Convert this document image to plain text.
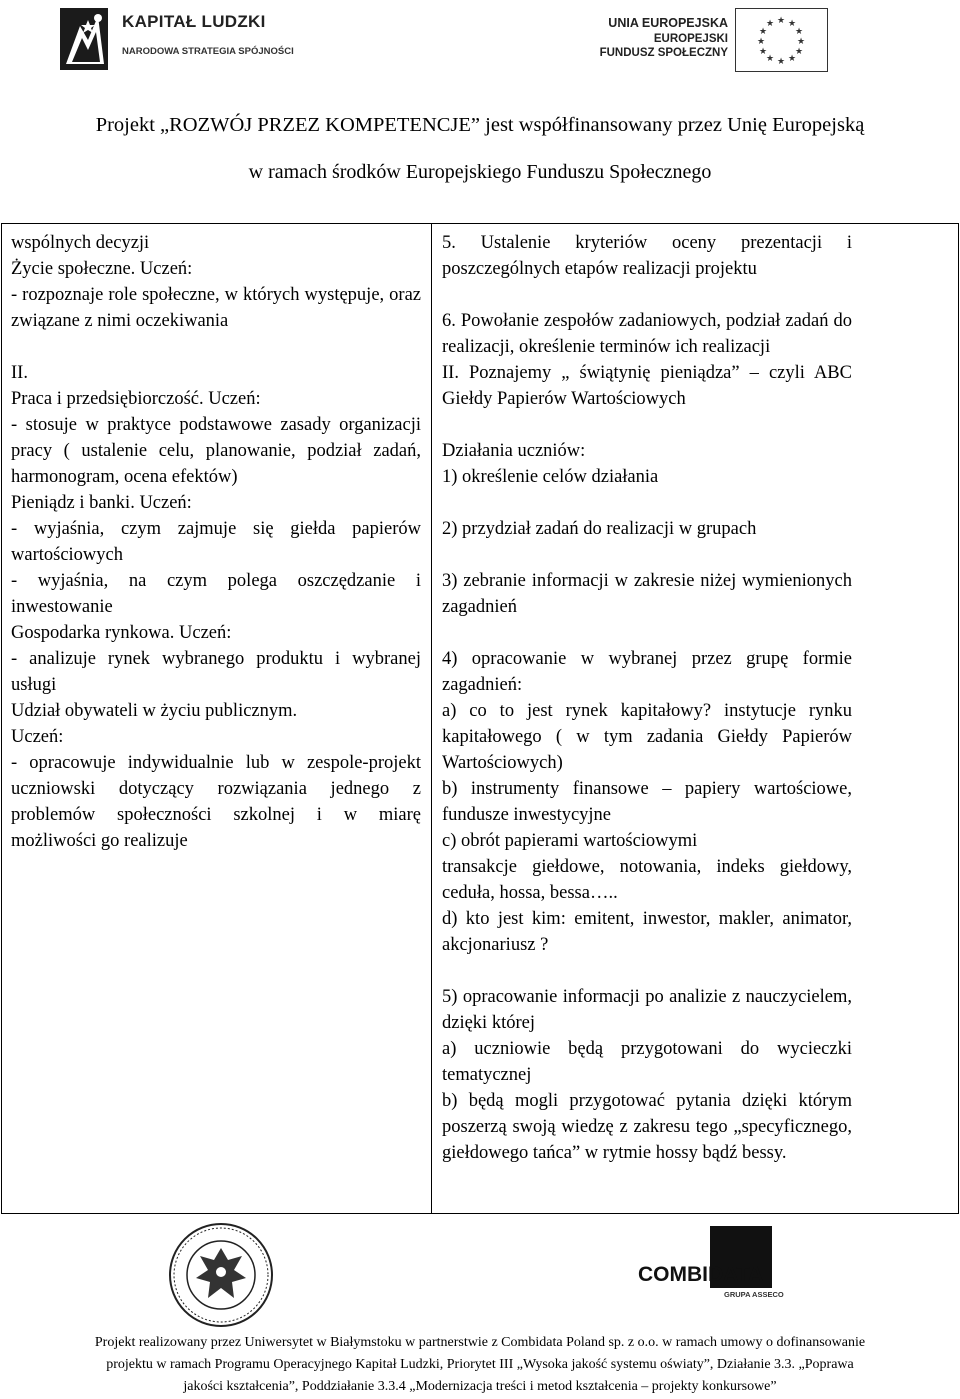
KAPITAŁ LUDZKI
NARODOWA STRATEGIA SPÓJNOŚCI
UNIA EUROPEJSKA
EUROPEJSKI
FUNDUSZ SPOŁECZNY
★ ★
★
★
★
★
★
★
★
★
★
★
Projekt „ROZWÓJ PRZEZ KOMPETENCJE” jest współfinansowany przez Unię Europejską
w ramach środków Europejskiego Funduszu Społecznego

wspólnych decyzji

Życie społeczne. Uczeń:

- rozpoznaje role społeczne, w których występuje, oraz związane z nimi oczekiwania

II.

Praca i przedsiębiorczość. Uczeń:

- stosuje w praktyce podstawowe zasady organizacji pracy ( ustalenie celu, planowanie, podział zadań, harmonogram, ocena efektów)

Pieniądz i banki. Uczeń:

- wyjaśnia, czym zajmuje się giełda papierów wartościowych

- wyjaśnia, na czym polega oszczędzanie i inwestowanie

Gospodarka rynkowa. Uczeń:

- analizuje rynek wybranego produktu i wybranej usługi

Udział obywateli w życiu publicznym.

Uczeń:

- opracowuje indywidualnie lub w zespole-projekt uczniowski dotyczący rozwiązania jednego z problemów społeczności szkolnej i w miarę możliwości go realizuje

5. Ustalenie kryteriów oceny prezentacji i poszczególnych etapów realizacji projektu

6. Powołanie zespołów zadaniowych, podział zadań do realizacji, określenie terminów ich realizacji

II. Poznajemy „ świątynię pieniądza” – czyli ABC Giełdy Papierów Wartościowych

Działania uczniów:

1) określenie celów działania

2) przydział zadań do realizacji w grupach

3) zebranie informacji w zakresie niżej wymienionych zagadnień

4) opracowanie w wybranej przez grupę formie zagadnień:

a) co to jest rynek kapitałowy? instytucje rynku kapitałowego ( w tym zadania Giełdy Papierów Wartościowych)

b) instrumenty finansowe – papiery wartościowe, fundusze inwestycyjne

c) obrót papierami wartościowymi

transakcje giełdowe, notowania, indeks giełdowy, ceduła, hossa, bessa…..

d) kto jest kim: emitent, inwestor, makler, animator, akcjonariusz ?

5) opracowanie informacji po analizie z nauczycielem, dzięki której

a) uczniowie będą przygotowani do wycieczki tematycznej

b) będą mogli przygotować pytania dzięki którym poszerzą swoją wiedzę z zakresu tego „specyficznego, giełdowego tańca” w rytmie hossy bądź bessy.

COMBIDATA
GRUPA ASSECO
Projekt realizowany przez Uniwersytet w Białymstoku w partnerstwie z Combidata Poland sp. z o.o. w ramach umowy o dofinansowanie
projektu w ramach Programu Operacyjnego Kapitał Ludzki, Priorytet III „Wysoka jakość systemu oświaty”, Działanie 3.3. „Poprawa
jakości kształcenia”, Poddziałanie 3.3.4 „Modernizacja treści i metod kształcenia – projekty konkursowe”
